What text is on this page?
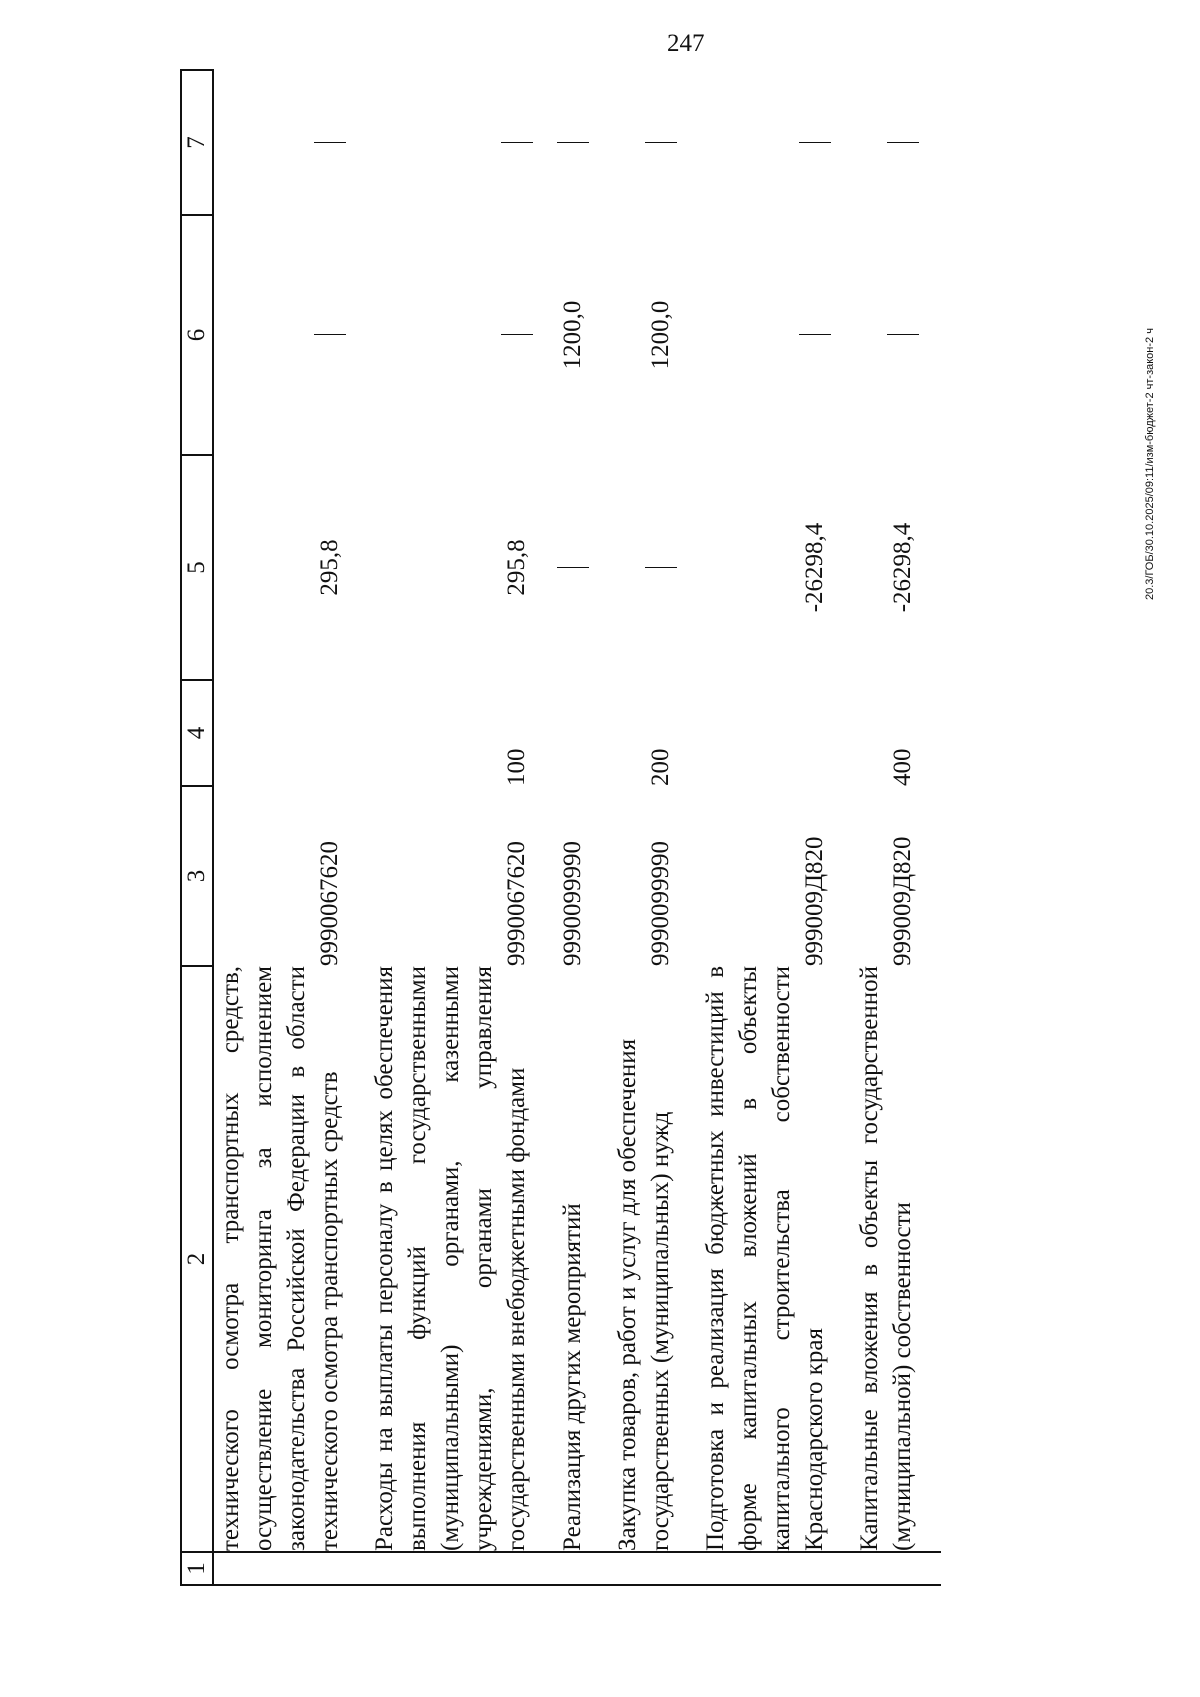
247
20.3/ГОБ/30.10.2025/09:11/изм-бюджет-2 чт-закон-2 ч
1	2	3	4	5	6	7
	технического осмотра транспортных средств, осуществление мониторинга за исполнением законодательства Российской Федерации в области технического осмотра транспортных средств	9990067620		295,8		

	Расходы на выплаты персоналу в целях обеспечения выполнения функций государственными (муниципальными) органами, казенными учреждениями, органами управления государственными внебюджетными фондами	9990067620	100	295,8		

	Реализация других мероприятий	9990099990			1200,0	

	Закупка товаров, работ и услуг для обеспечения государственных (муниципальных) нужд	9990099990	200		1200,0	

	Подготовка и реализация бюджетных инвестиций в форме капитальных вложений в объекты капитального строительства собственности Краснодарского края	999009Д820		-26298,4		

	Капитальные вложения в объекты государственной (муниципальной) собственности	999009Д820	400	-26298,4		
